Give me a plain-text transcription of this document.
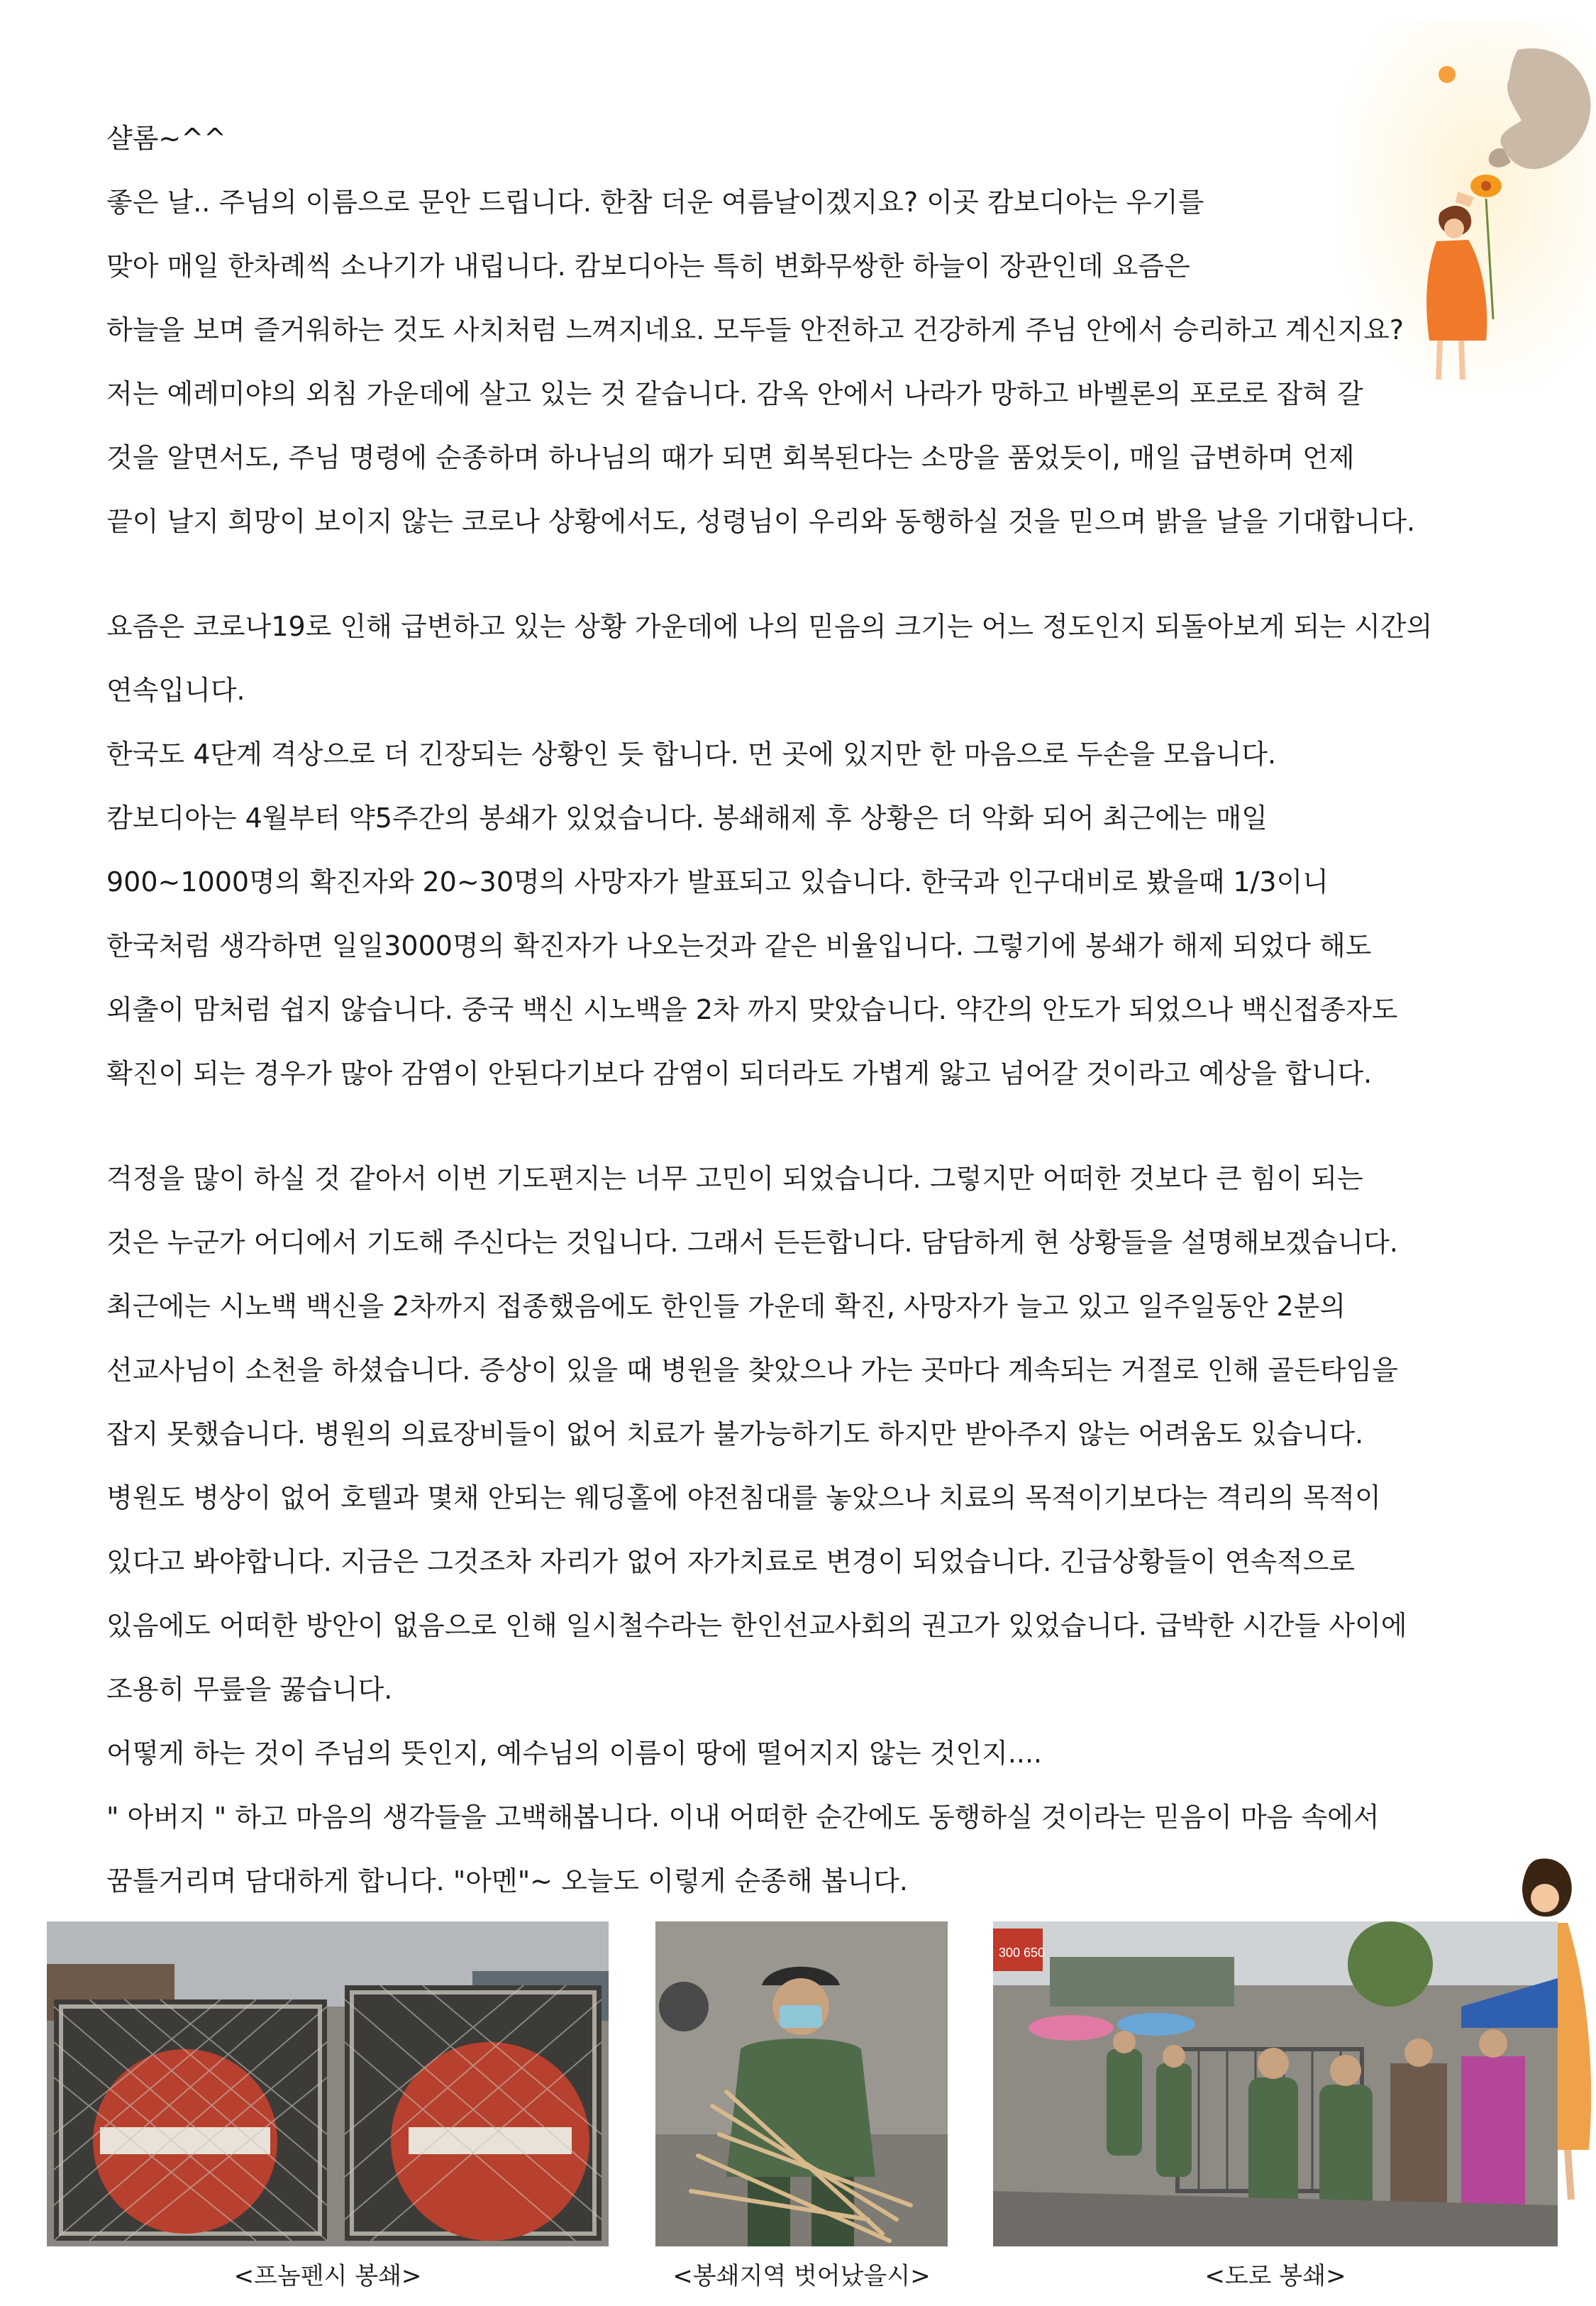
샬롬~^^

좋은 날.. 주님의 이름으로 문안 드립니다. 한참 더운 여름날이겠지요? 이곳 캄보디아는 우기를

맞아 매일 한차례씩 소나기가 내립니다. 캄보디아는 특히 변화무쌍한 하늘이 장관인데 요즘은

하늘을 보며 즐거워하는 것도 사치처럼 느껴지네요. 모두들 안전하고 건강하게 주님 안에서 승리하고 계신지요?

저는 예레미야의 외침 가운데에 살고 있는 것 같습니다. 감옥 안에서 나라가 망하고 바벨론의 포로로 잡혀 갈

것을 알면서도, 주님 명령에 순종하며 하나님의 때가 되면 회복된다는 소망을 품었듯이, 매일 급변하며 언제

끝이 날지 희망이 보이지 않는 코로나 상황에서도, 성령님이 우리와 동행하실 것을 믿으며 밝을 날을 기대합니다.

요즘은 코로나19로 인해 급변하고 있는 상황 가운데에 나의 믿음의 크기는 어느 정도인지 되돌아보게 되는 시간의

연속입니다.

한국도 4단계 격상으로 더 긴장되는 상황인 듯 합니다. 먼 곳에 있지만 한 마음으로 두손을 모읍니다.

캄보디아는 4월부터 약5주간의 봉쇄가 있었습니다. 봉쇄해제 후 상황은 더 악화 되어 최근에는 매일

900~1000명의 확진자와 20~30명의 사망자가 발표되고 있습니다. 한국과 인구대비로 봤을때 1/3이니

한국처럼 생각하면 일일3000명의 확진자가 나오는것과 같은 비율입니다. 그렇기에 봉쇄가 해제 되었다 해도

외출이 맘처럼 쉽지 않습니다. 중국 백신 시노백을 2차 까지 맞았습니다. 약간의 안도가 되었으나 백신접종자도

확진이 되는 경우가 많아 감염이 안된다기보다 감염이 되더라도 가볍게 앓고 넘어갈 것이라고 예상을 합니다.

걱정을 많이 하실 것 같아서 이번 기도편지는 너무 고민이 되었습니다. 그렇지만 어떠한 것보다 큰 힘이 되는

것은 누군가 어디에서 기도해 주신다는 것입니다. 그래서 든든합니다. 담담하게 현 상황들을 설명해보겠습니다.

최근에는 시노백 백신을 2차까지 접종했음에도 한인들 가운데 확진, 사망자가 늘고 있고 일주일동안 2분의

선교사님이 소천을 하셨습니다. 증상이 있을 때 병원을 찾았으나 가는 곳마다 계속되는 거절로 인해 골든타임을

잡지 못했습니다. 병원의 의료장비들이 없어 치료가 불가능하기도 하지만 받아주지 않는 어려움도 있습니다.

병원도 병상이 없어 호텔과 몇채 안되는 웨딩홀에 야전침대를 놓았으나 치료의 목적이기보다는 격리의 목적이

있다고 봐야합니다. 지금은 그것조차 자리가 없어 자가치료로 변경이 되었습니다. 긴급상황들이 연속적으로

있음에도 어떠한 방안이 없음으로 인해 일시철수라는 한인선교사회의 권고가 있었습니다. 급박한 시간들 사이에

조용히 무릎을 꿇습니다.

어떻게 하는 것이 주님의 뜻인지, 예수님의 이름이 땅에 떨어지지 않는 것인지....

" 아버지 " 하고 마음의 생각들을 고백해봅니다. 이내 어떠한 순간에도 동행하실 것이라는 믿음이 마음 속에서

꿈틀거리며 담대하게 합니다. "아멘"~ 오늘도 이렇게 순종해 봅니다.

<프놈펜시 봉쇄>	<봉쇄지역 벗어났을시>
300 650
<도로 봉쇄>
